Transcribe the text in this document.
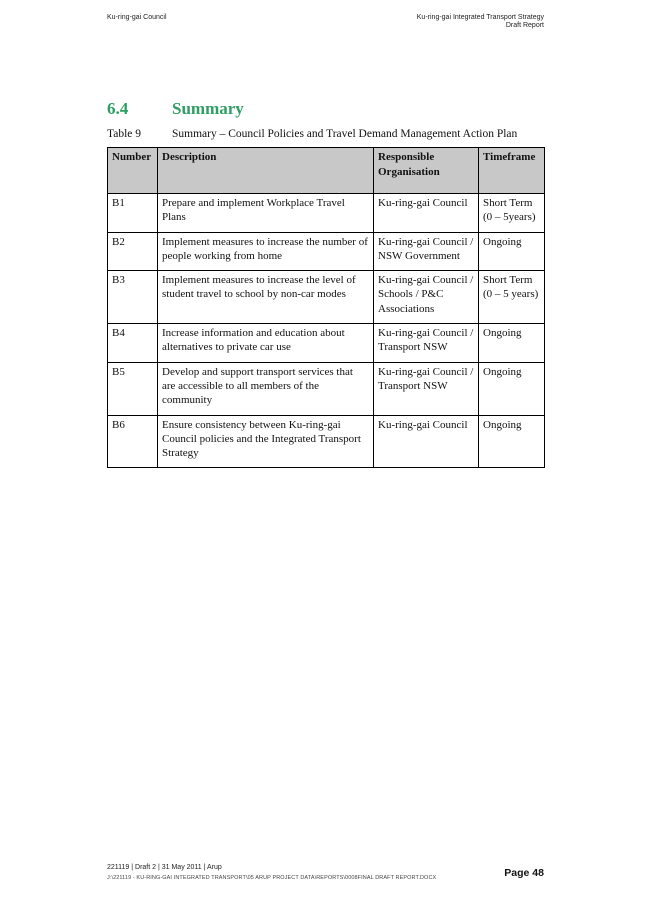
Ku-ring-gai Council	Ku-ring-gai Integrated Transport Strategy
Draft Report
6.4	Summary
Table 9	Summary – Council Policies and Travel Demand Management Action Plan
Number	Description	Responsible Organisation	Timeframe
B1	Prepare and implement Workplace Travel Plans	Ku-ring-gai Council	Short Term (0 – 5years)
B2	Implement measures to increase the number of people working from home	Ku-ring-gai Council / NSW Government	Ongoing
B3	Implement measures to increase the level of student travel to school by non-car modes	Ku-ring-gai Council / Schools / P&C Associations	Short Term (0 – 5 years)
B4	Increase information and education about alternatives to private car use	Ku-ring-gai Council / Transport NSW	Ongoing
B5	Develop and support transport services that are accessible to all members of the community	Ku-ring-gai Council / Transport NSW	Ongoing
B6	Ensure consistency between Ku-ring-gai Council policies and the Integrated Transport Strategy	Ku-ring-gai Council	Ongoing
221119 | Draft 2 | 31 May 2011 | Arup
J:\221119 - KU-RING-GAI INTEGRATED TRANSPORT\05 ARUP PROJECT DATA\REPORTS\0008FINAL DRAFT REPORT.DOCX	Page 48
